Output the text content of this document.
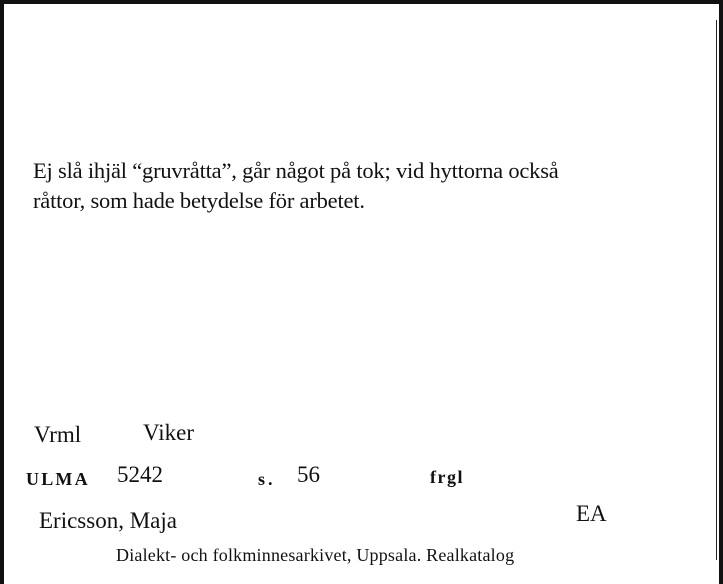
Ej slå ihjäl “gruvråtta”, går något på tok; vid hyttorna också
råttor, som hade betydelse för arbetet.
Vrml	Viker
ULMA 5242	s. 56	frgl
Ericsson, Maja	EA
Dialekt- och folkminnesarkivet, Uppsala. Realkatalog
